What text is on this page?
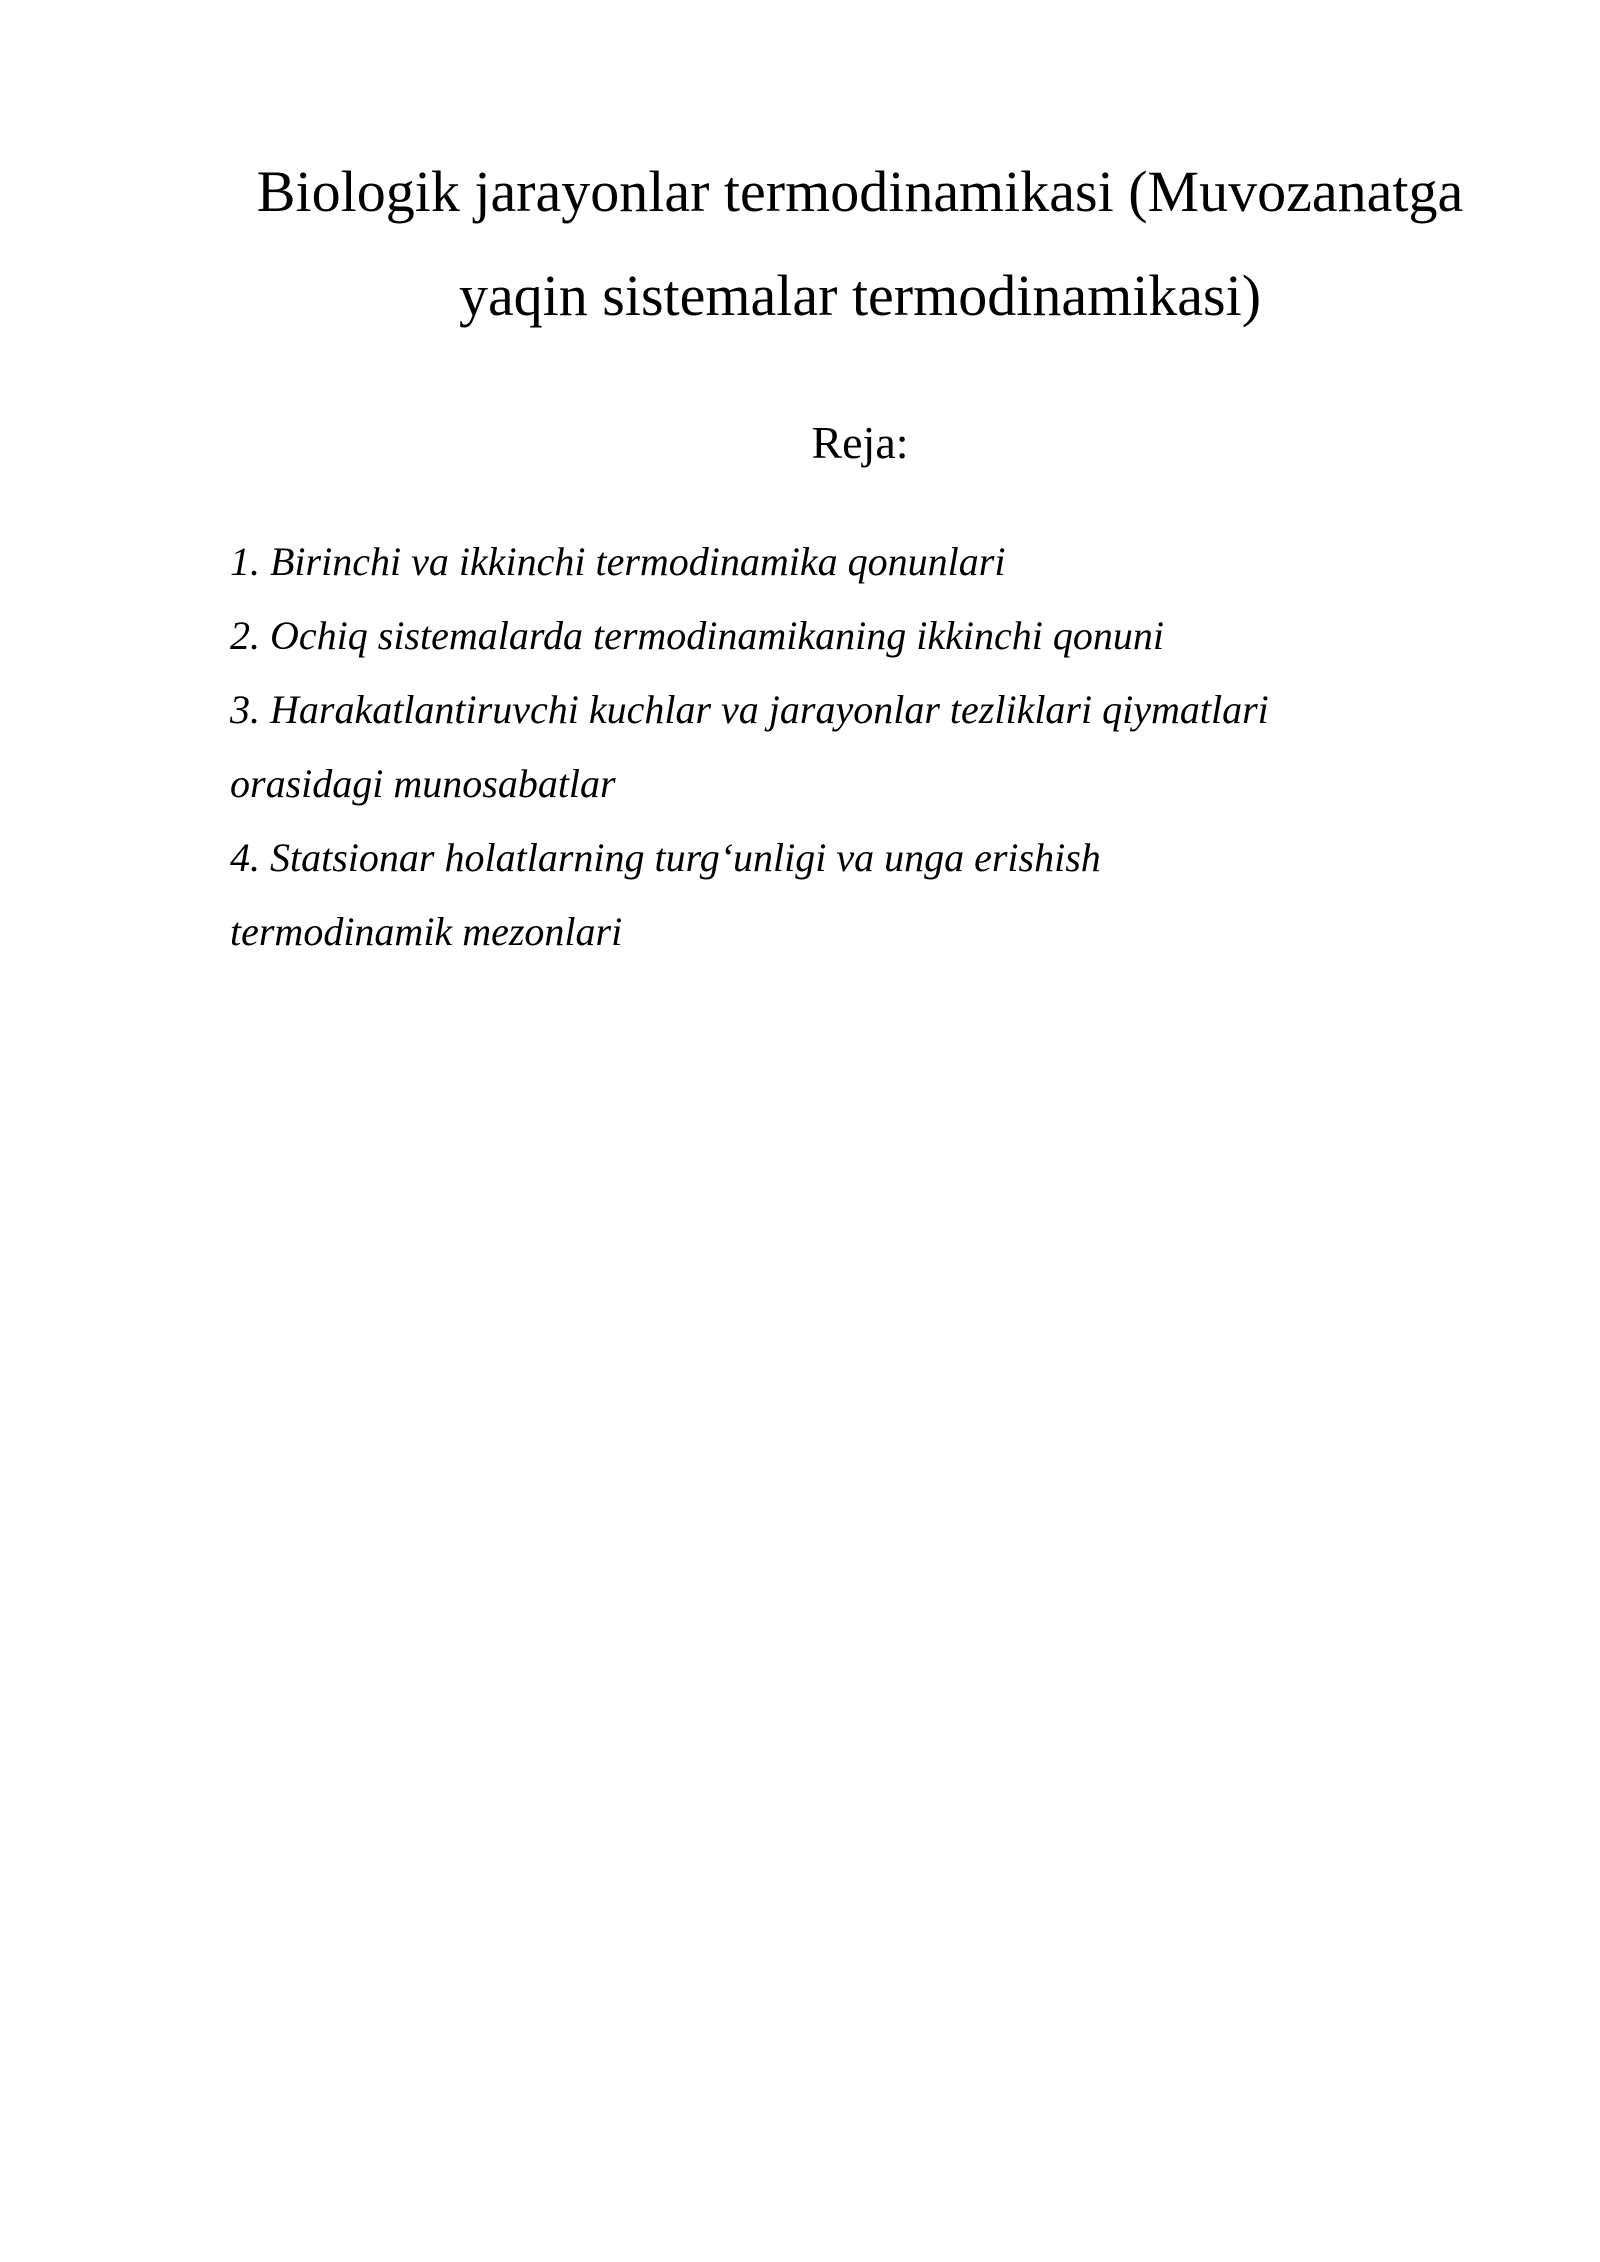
Biologik jarayonlar termodinamikasi (Muvozanatga
yaqin sistemalar termodinamikasi)

Reja:

1. Birinchi va ikkinchi termodinamika qonunlari
2. Ochiq sistemalarda termodinamikaning ikkinchi qonuni
3. Harakatlantiruvchi kuchlar va jarayonlar tezliklari qiymatlari
orasidagi munosabatlar
4. Statsionar holatlarning turg‘unligi va unga erishish
termodinamik mezonlari
